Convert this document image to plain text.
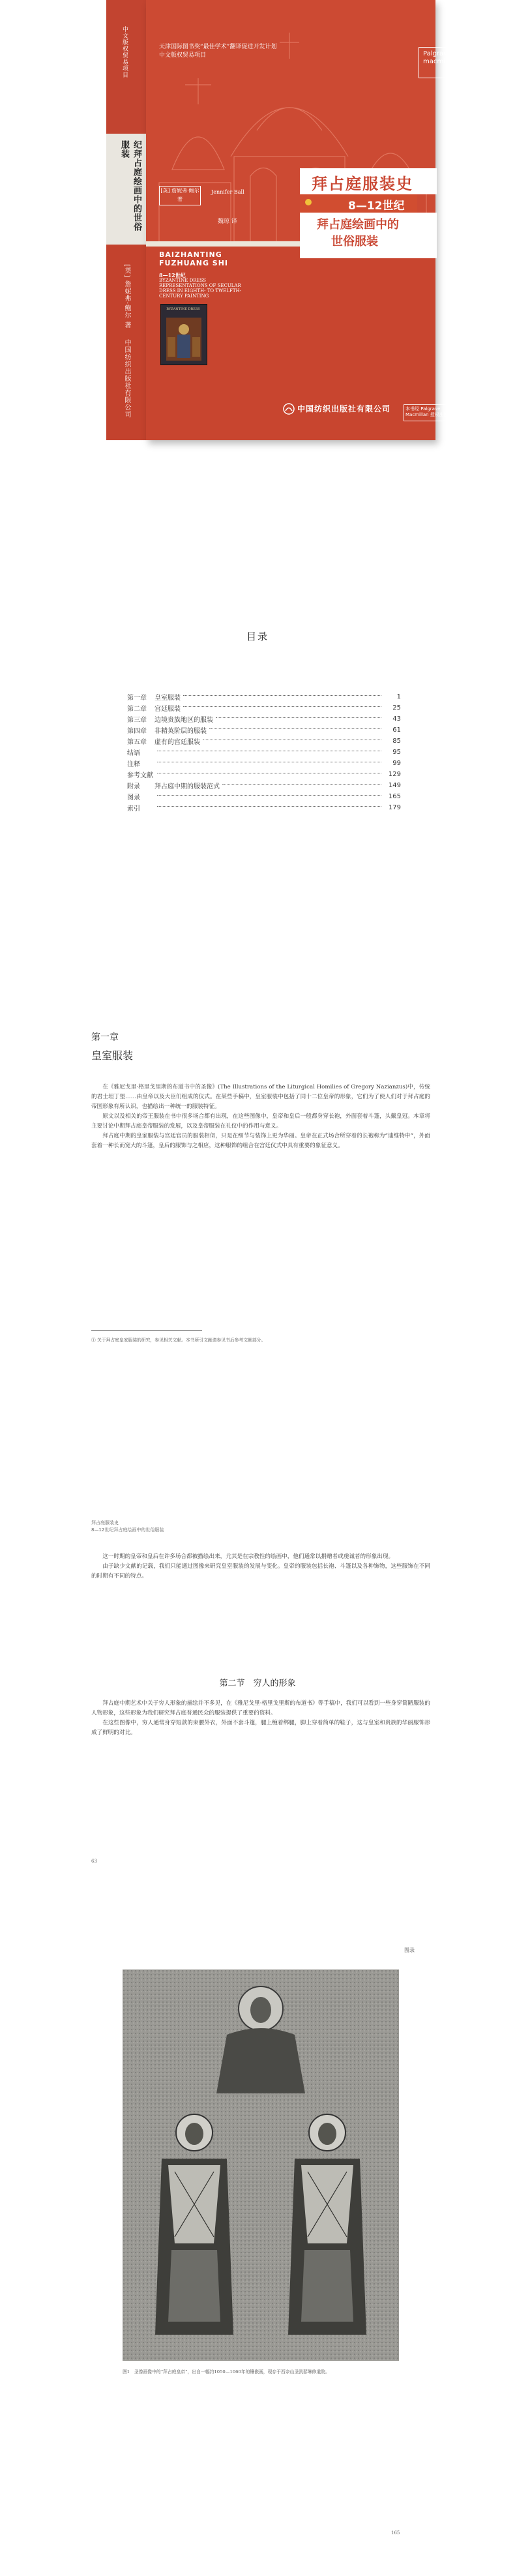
中文版权贸易项目
纪拜占庭绘画中的世俗服装
[英] 詹妮弗·鲍尔 著
中国纺织出版社有限公司
天津国际图书奖“最佳学术”翻译促进开发计划
中文版权贸易项目	Palgrave
macmillan
拜占庭服装史
8—12世纪
拜占庭绘画中的
世俗服装
[英] 詹妮弗·鲍尔 著
Jennifer Ball
魏琼 译
BAIZHANTING
FUZHUANG SHI
8—12世纪
BYZANTINE DRESS
REPRESENTATIONS OF SECULAR
DRESS IN EIGHTH- TO TWELFTH-
CENTURY PAINTING
BYZANTINE DRESS
中国纺织出版社有限公司	本书经 Palgrave Macmillan 授权出版
目录
第一章	皇室服装	1
第二章	宫廷服装	25
第三章	边境贵族地区的服装	43
第四章	非精英阶层的服装	61
第五章	虚有的宫廷服装	85
结语	95
注释	99
参考文献	129
附录	拜占庭中期的服装范式	149
图录	165
索引	179
第一章
皇室服装

在《雅尼戈里·格里戈里斯的布道书中的圣像》(The Illustrations of the Liturgical Homilies of Gregory Nazianzus)中，传统的君士坦丁堡……由皇帝以及大臣们组成的仪式。在某些手稿中，皇室服装中包括了同十二位皇帝的形象，它们为了使人们对于拜占庭的帝国形象有所认识，也描绘出一种统一的服装特征。

原文以及相关的帝王服装在书中很多场合都有出现，在这些图像中，皇帝和皇后一般都身穿长袍，外面套着斗篷，头戴皇冠。本章将主要讨论中期拜占庭皇帝服装的发展，以及皇帝服装在礼仪中的作用与意义。

拜占庭中期的皇家服装与宫廷官员的服装相似，只是在细节与装饰上更为华丽。皇帝在正式场合所穿着的长袍称为“迪维特申”，外面套着一种长而宽大的斗篷，皇后的服饰与之相应，这种服饰的组合在宫廷仪式中具有重要的象征意义。

① 关于拜占庭皇家服装的研究，参见相关文献。本书所引文献请参见书后参考文献部分。

拜占庭服装史
8—12世纪拜占庭绘画中的世俗服装

这一时期的皇帝和皇后在许多场合都被描绘出来，尤其是在宗教性的绘画中，他们通常以捐赠者或虔诚者的形象出现。

由于缺少文献的记载，我们只能通过图像来研究皇室服装的发展与变化。皇帝的服装包括长袍、斗篷以及各种饰物，这些服饰在不同的时期有不同的特点。

第二节　穷人的形象

拜占庭中期艺术中关于穷人形象的描绘并不多见，在《雅尼戈里·格里戈里斯的布道书》等手稿中，我们可以看到一些身穿简陋服装的人物形象，这些形象为我们研究拜占庭普通民众的服装提供了重要的资料。

在这些图像中，穷人通常身穿短款的束腰外衣，外面不套斗篷，腿上缠着绑腿，脚上穿着简单的鞋子，这与皇室和贵族的华丽服饰形成了鲜明的对比。

63
图录

图1　圣像画像中的“拜占庭皇帝”，出自一幅约1050—1060年的镶嵌画，现存于西奈山圣凯瑟琳修道院。

165
